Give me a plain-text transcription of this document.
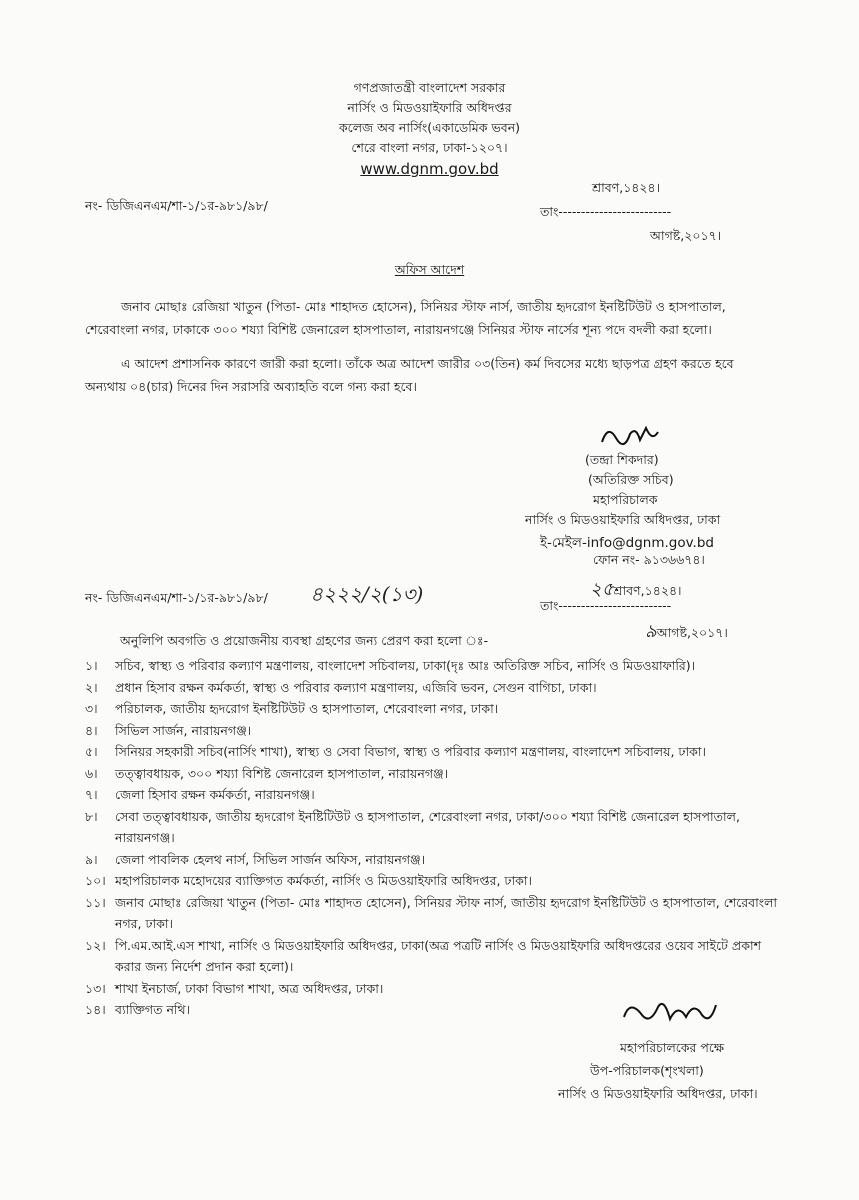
গণপ্রজাতন্ত্রী বাংলাদেশ সরকার
নার্সিং ও মিডওয়াইফারি অধিদপ্তর
কলেজ অব নার্সিং(একাডেমিক ভবন)
শেরে বাংলা নগর, ঢাকা-১২০৭।
www.dgnm.gov.bd
নং- ডিজিএনএম/শা-১/১র-৯৮১/৯৮/
শ্রাবণ,১৪২৪।
তাং-------------------------
আগষ্ট,২০১৭।
অফিস আদেশ
জনাব মোছাঃ রেজিয়া খাতুন (পিতা- মোঃ শাহাদত হোসেন), সিনিয়র স্টাফ নার্স, জাতীয় হৃদরোগ ইনষ্টিটিউট ও হাসপাতাল, শেরেবাংলা নগর, ঢাকাকে ৩০০ শয্যা বিশিষ্ট জেনারেল হাসপাতাল, নারায়নগঞ্জে সিনিয়র স্টাফ নার্সের শূন্য পদে বদলী করা হলো।
এ আদেশ প্রশাসনিক কারণে জারী করা হলো। তাঁকে অত্র আদেশ জারীর ০৩(তিন) কর্ম দিবসের মধ্যে ছাড়পত্র গ্রহণ করতে হবে অন্যথায় ০৪(চার) দিনের দিন সরাসরি অব্যাহতি বলে গন্য করা হবে।
(তন্দ্রা শিকদার)
(অতিরিক্ত সচিব)
মহাপরিচালক
নার্সিং ও মিডওয়াইফারি অধিদপ্তর, ঢাকা
ই-মেইল-info@dgnm.gov.bd
ফোন নং- ৯১৩৬৬৭৪।
নং- ডিজিএনএম/শা-১/১র-৯৮১/৯৮/ ৪২২২/২(১৩)	২৫শ্রাবণ,১৪২৪।
তাং-------------------------
৯আগষ্ট,২০১৭।
অনুলিপি অবগতি ও প্রয়োজনীয় ব্যবস্থা গ্রহণের জন্য প্রেরণ করা হলো ঃ-
১।	সচিব, স্বাস্থ্য ও পরিবার কল্যাণ মন্ত্রণালয়, বাংলাদেশ সচিবালয়, ঢাকা(দৃঃ আঃ অতিরিক্ত সচিব, নার্সিং ও মিডওয়াফারি)।
২।	প্রধান হিসাব রক্ষন কর্মকর্তা, স্বাস্থ্য ও পরিবার কল্যাণ মন্ত্রণালয়, এজিবি ভবন, সেগুন বাগিচা, ঢাকা।
৩।	পরিচালক, জাতীয় হৃদরোগ ইনষ্টিটিউট ও হাসপাতাল, শেরেবাংলা নগর, ঢাকা।
৪।	সিভিল সার্জন, নারায়নগঞ্জ।
৫।	সিনিয়র সহকারী সচিব(নার্সিং শাখা), স্বাস্থ্য ও সেবা বিভাগ, স্বাস্থ্য ও পরিবার কল্যাণ মন্ত্রণালয়, বাংলাদেশ সচিবালয়, ঢাকা।
৬।	তত্ত্বাবধায়ক, ৩০০ শয্যা বিশিষ্ট জেনারেল হাসপাতাল, নারায়নগঞ্জ।
৭।	জেলা হিসাব রক্ষন কর্মকর্তা, নারায়নগঞ্জ।
৮।	সেবা তত্ত্বাবধায়ক, জাতীয় হৃদরোগ ইনষ্টিটিউট ও হাসপাতাল, শেরেবাংলা নগর, ঢাকা/৩০০ শয্যা বিশিষ্ট জেনারেল হাসপাতাল, নারায়নগঞ্জ।
৯।	জেলা পাবলিক হেলথ নার্স, সিভিল সার্জন অফিস, নারায়নগঞ্জ।
১০। মহাপরিচালক মহোদয়ের ব্যাক্তিগত কর্মকর্তা, নার্সিং ও মিডওয়াইফারি অধিদপ্তর, ঢাকা।
১১। জনাব মোছাঃ রেজিয়া খাতুন (পিতা- মোঃ শাহাদত হোসেন), সিনিয়র স্টাফ নার্স, জাতীয় হৃদরোগ ইনষ্টিটিউট ও হাসপাতাল, শেরেবাংলা নগর, ঢাকা।
১২। পি.এম.আই.এস শাখা, নার্সিং ও মিডওয়াইফারি অধিদপ্তর, ঢাকা(অত্র পত্রটি নার্সিং ও মিডওয়াইফারি অধিদপ্তরের ওয়েব সাইটে প্রকাশ করার জন্য নির্দেশ প্রদান করা হলো)।
১৩। শাখা ইনচার্জ, ঢাকা বিভাগ শাখা, অত্র অধিদপ্তর, ঢাকা।
১৪। ব্যাক্তিগত নথি।
মহাপরিচালকের পক্ষে
উপ-পরিচালক(শৃংখলা)
নার্সিং ও মিডওয়াইফারি অধিদপ্তর, ঢাকা।
